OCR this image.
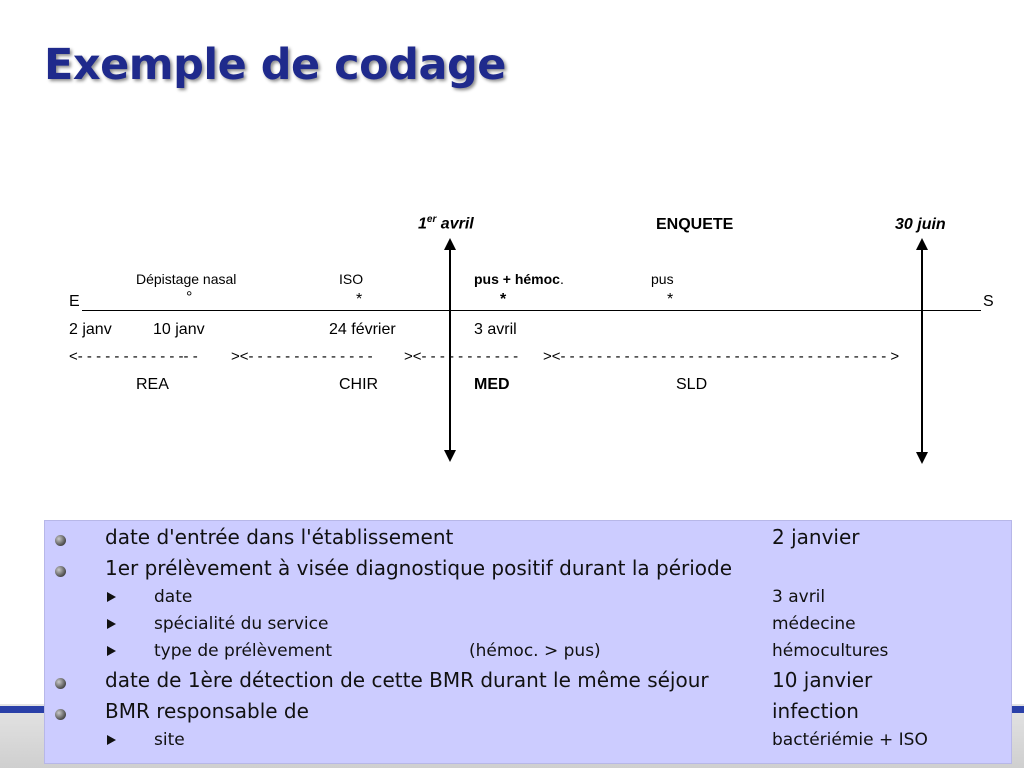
Exemple de codage
1er avril	ENQUETE	30 juin
Dépistage nasal	ISO	pus + hémoc.	pus
E	S
°	*	*	*
2 janv	10 janv	24 février	3 avril
<- - - - - - - - - - - -- - ><- - - - - - - - - - - - - - ><- - - - - - - - - - - ><- - - - - - - - - - - - - - - - - - - - - - - - - - - - - - - - - - - - >
REA	CHIR	MED	SLD
date d'entrée dans l'établissement	2 janvier
1er prélèvement à visée diagnostique positif durant la période
date	3 avril
spécialité du service	médecine
type de prélèvement	(hémoc. > pus)	hémocultures
date de 1ère détection de cette BMR durant le même séjour	10 janvier
BMR responsable de	infection
site	bactériémie + ISO
